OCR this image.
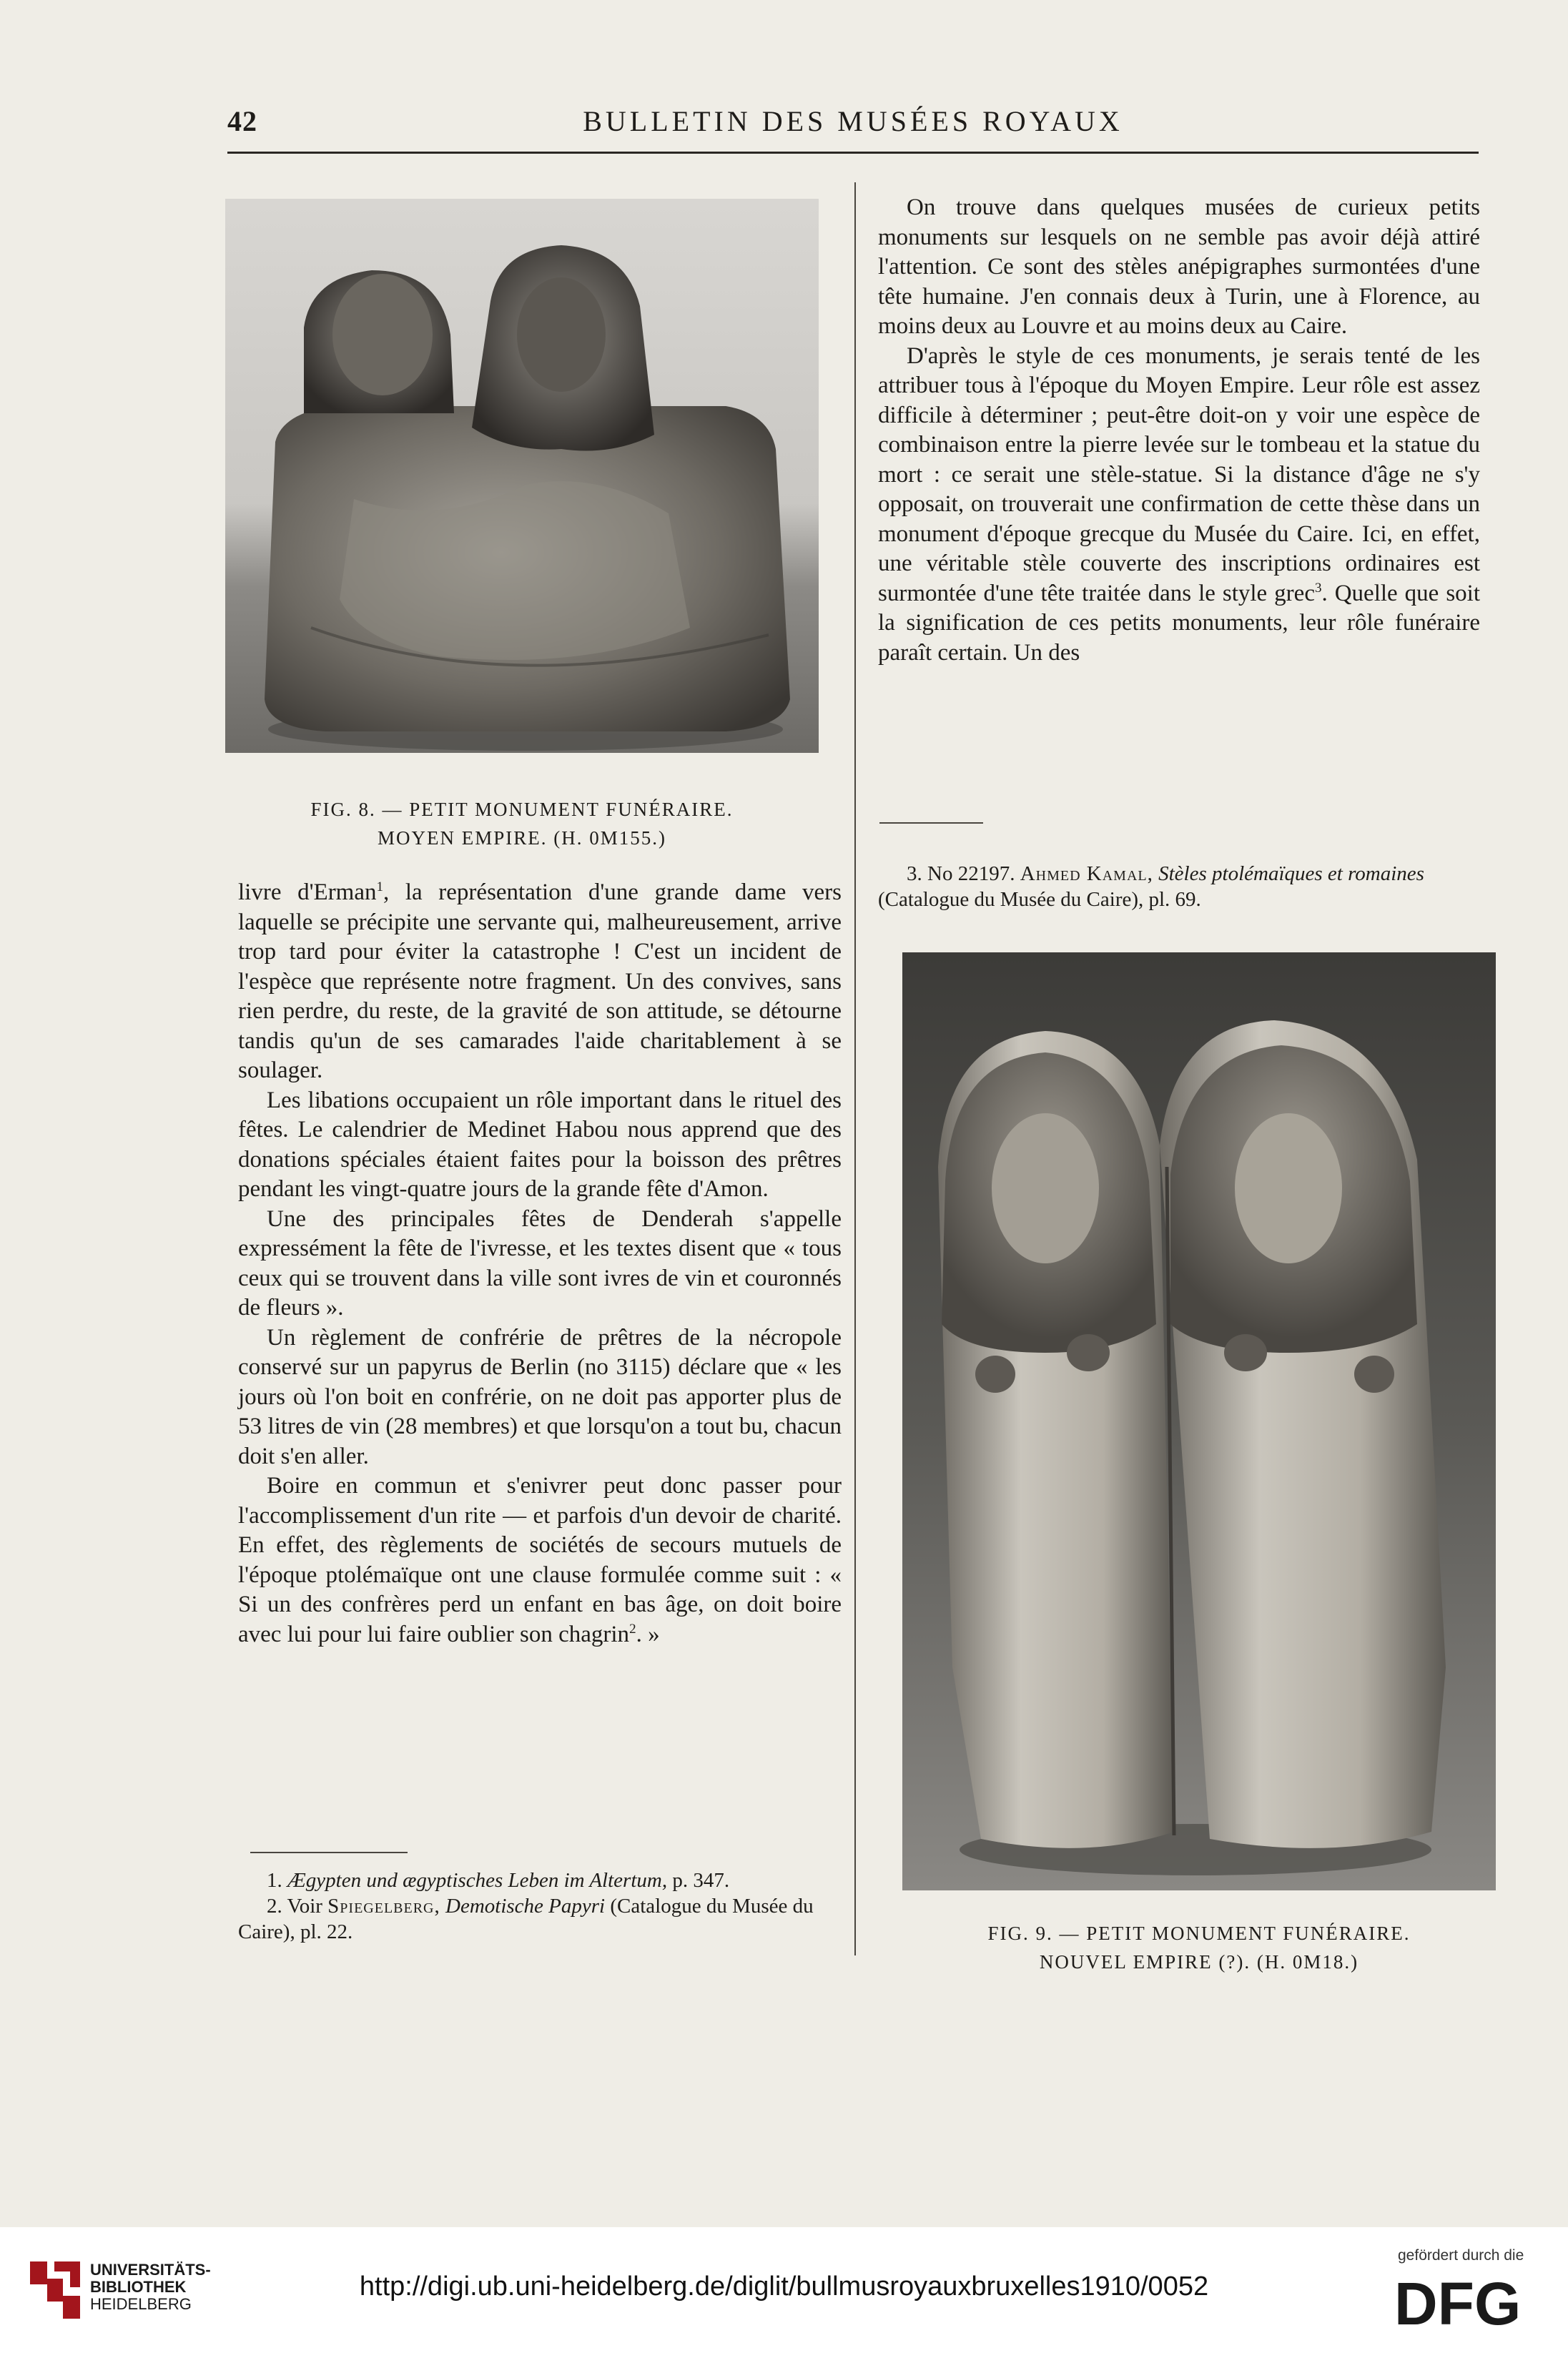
42	BULLETIN DES MUSÉES ROYAUX
FIG. 8. — PETIT MONUMENT FUNÉRAIRE.
MOYEN EMPIRE. (H. 0M155.)

On trouve dans quelques musées de curieux petits monuments sur lesquels on ne semble pas avoir déjà attiré l'attention. Ce sont des stèles anépigraphes surmontées d'une tête humaine. J'en connais deux à Turin, une à Florence, au moins deux au Louvre et au moins deux au Caire.

D'après le style de ces monuments, je serais tenté de les attribuer tous à l'époque du Moyen Empire. Leur rôle est assez difficile à déterminer ; peut-être doit-on y voir une espèce de combinaison entre la pierre levée sur le tombeau et la statue du mort : ce serait une stèle-statue. Si la distance d'âge ne s'y opposait, on trouverait une confirmation de cette thèse dans un monument d'époque grecque du Musée du Caire. Ici, en effet, une véritable stèle couverte des inscriptions ordinaires est surmontée d'une tête traitée dans le style grec$^3$. Quelle que soit la signification de ces petits monuments, leur rôle funéraire paraît certain. Un des

3. No 22197. Ahmed Kamal, Stèles ptolémaïques et romaines (Catalogue du Musée du Caire), pl. 69.

FIG. 9. — PETIT MONUMENT FUNÉRAIRE.
NOUVEL EMPIRE (?). (H. 0M18.)

livre d'Erman$^1$, la représentation d'une grande dame vers laquelle se précipite une servante qui, malheureusement, arrive trop tard pour éviter la catastrophe ! C'est un incident de l'espèce que représente notre fragment. Un des convives, sans rien perdre, du reste, de la gravité de son attitude, se détourne tandis qu'un de ses camarades l'aide charitablement à se soulager.

Les libations occupaient un rôle important dans le rituel des fêtes. Le calendrier de Medinet Habou nous apprend que des donations spéciales étaient faites pour la boisson des prêtres pendant les vingt-quatre jours de la grande fête d'Amon.

Une des principales fêtes de Denderah s'appelle expressément la fête de l'ivresse, et les textes disent que « tous ceux qui se trouvent dans la ville sont ivres de vin et couronnés de fleurs ».

Un règlement de confrérie de prêtres de la nécropole conservé sur un papyrus de Berlin (no 3115) déclare que « les jours où l'on boit en confrérie, on ne doit pas apporter plus de 53 litres de vin (28 membres) et que lorsqu'on a tout bu, chacun doit s'en aller.

Boire en commun et s'enivrer peut donc passer pour l'accomplissement d'un rite — et parfois d'un devoir de charité. En effet, des règlements de sociétés de secours mutuels de l'époque ptolémaïque ont une clause formulée comme suit : « Si un des confrères perd un enfant en bas âge, on doit boire avec lui pour lui faire oublier son chagrin$^2$. »

1. Ægypten und ægyptisches Leben im Altertum, p. 347.

2. Voir Spiegelberg, Demotische Papyri (Catalogue du Musée du Caire), pl. 22.

UNIVERSITÄTS-
BIBLIOTHEK
HEIDELBERG
http://digi.ub.uni-heidelberg.de/diglit/bullmusroyauxbruxelles1910/0052
gefördert durch die
DFG
